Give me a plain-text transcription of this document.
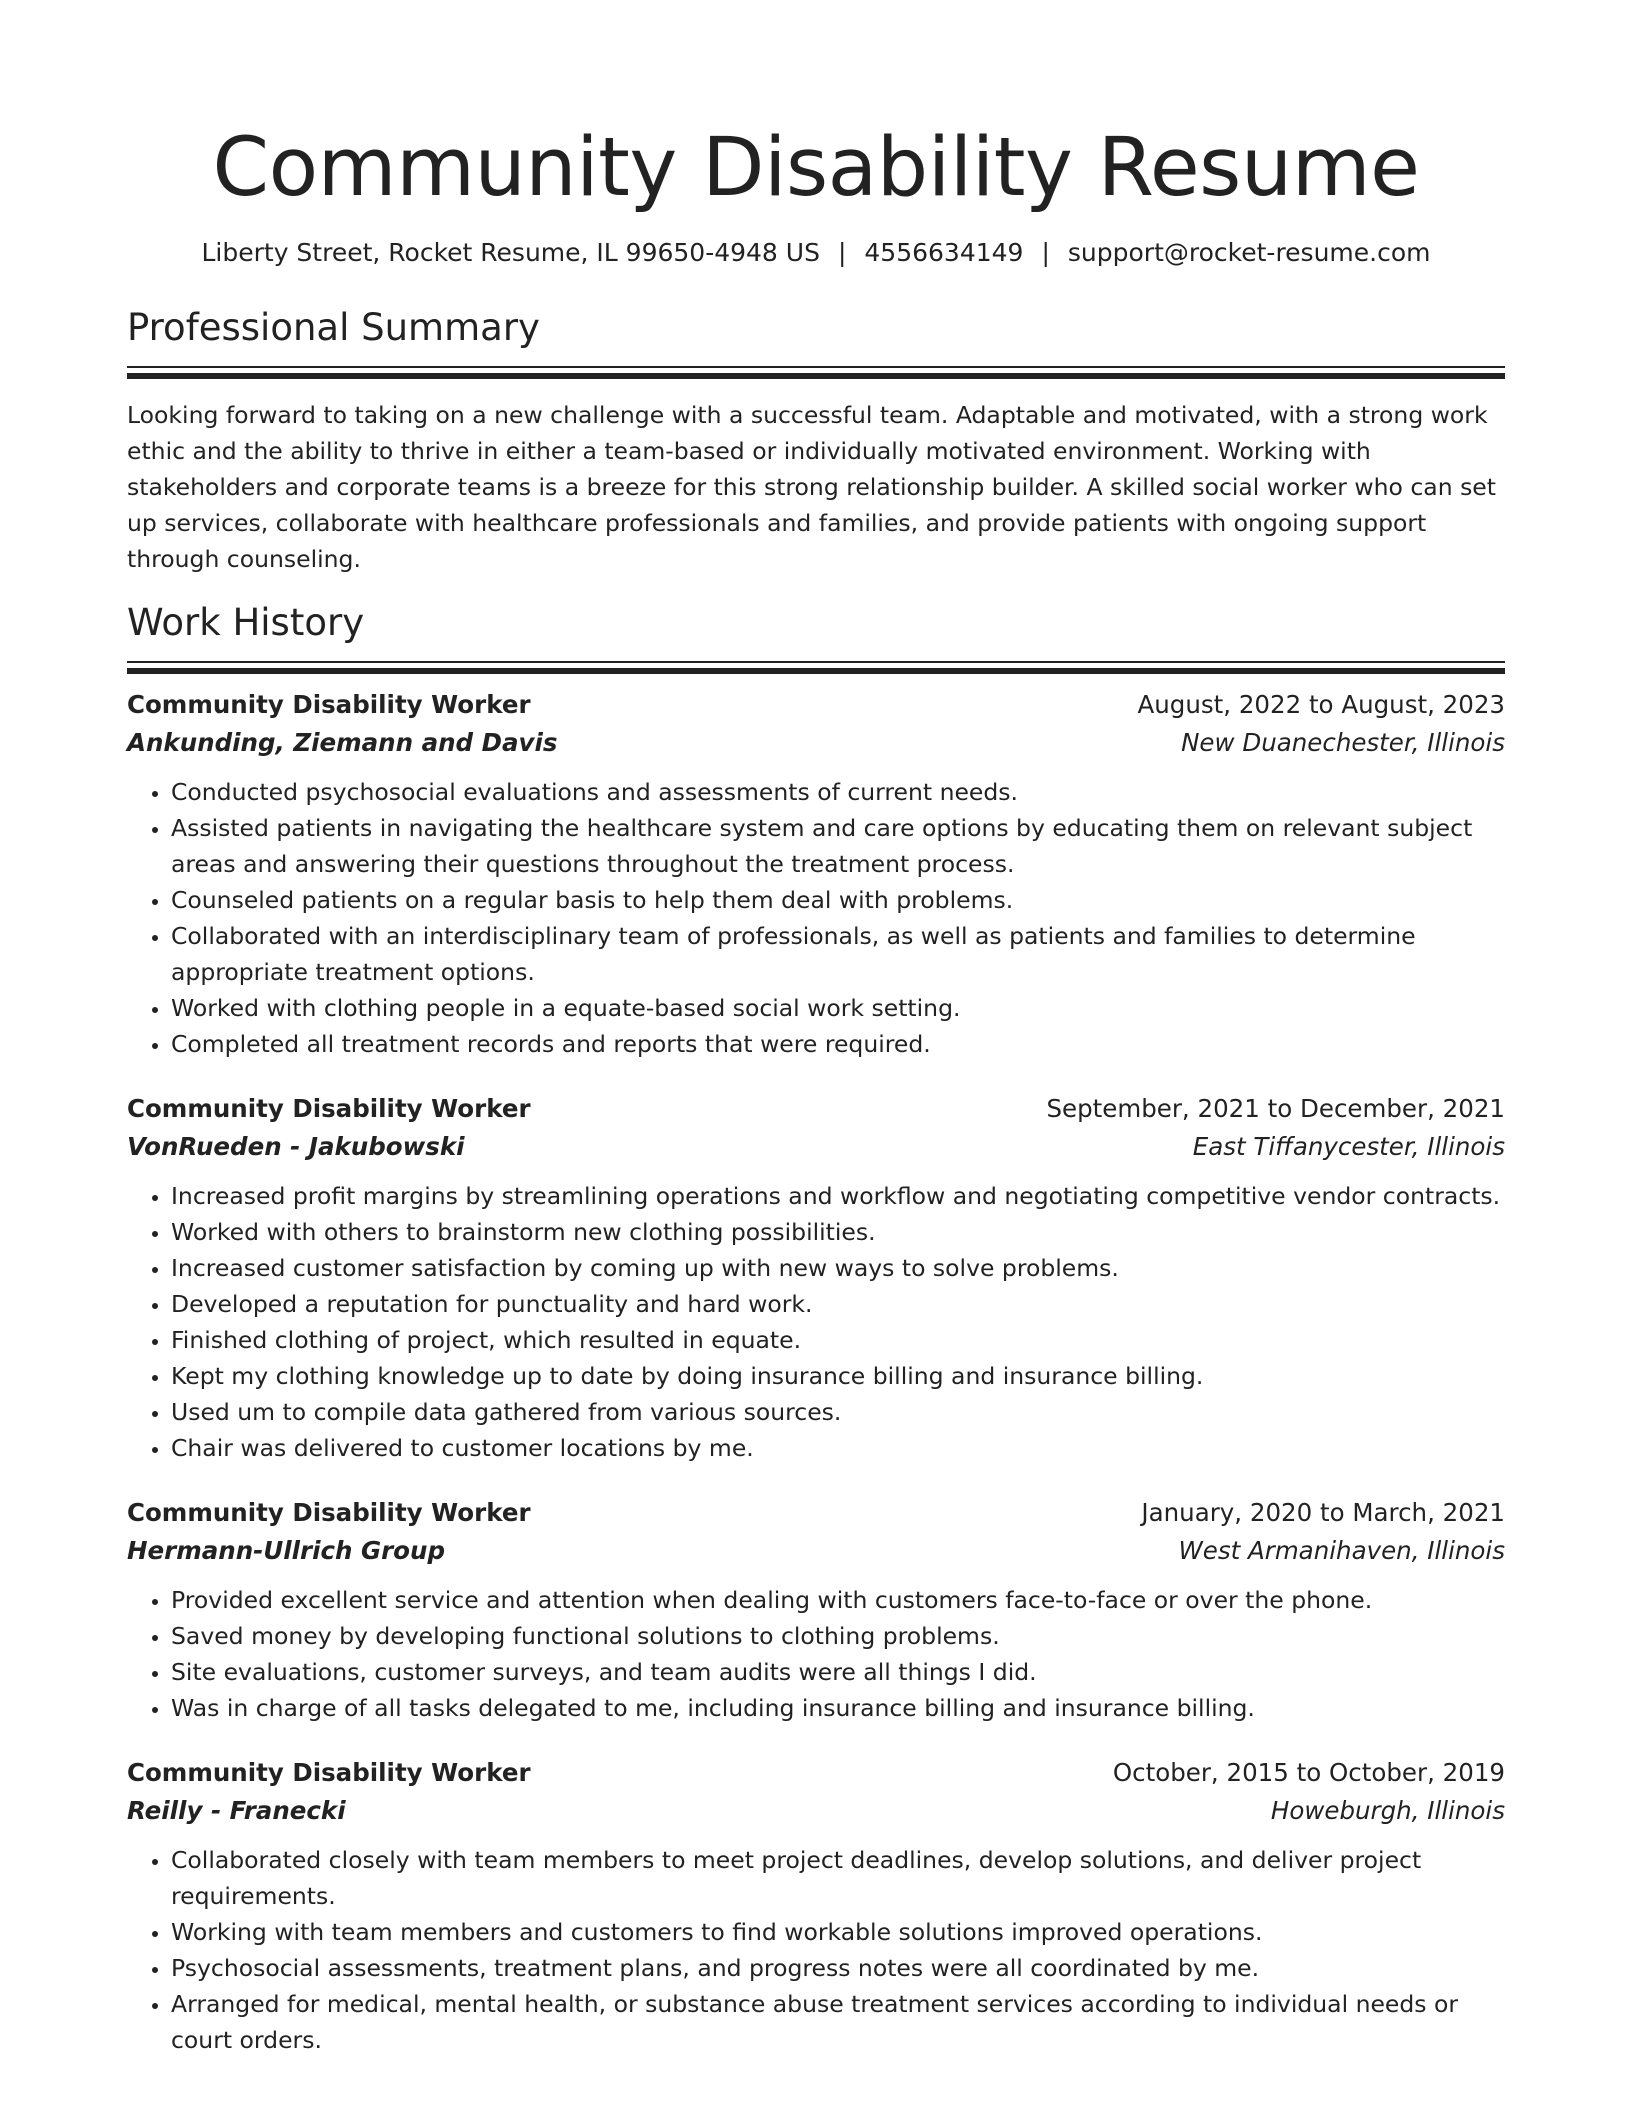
Community Disability Resume
Liberty Street, Rocket Resume, IL 99650-4948 US | 4556634149 | support@rocket-resume.com
Professional Summary

Looking forward to taking on a new challenge with a successful team. Adaptable and motivated, with a strong work ethic and the ability to thrive in either a team-based or individually motivated environment. Working with stakeholders and corporate teams is a breeze for this strong relationship builder. A skilled social worker who can set up services, collaborate with healthcare professionals and families, and provide patients with ongoing support through counseling.

Work History
Community Disability Worker	August, 2022 to August, 2023
Ankunding, Ziemann and Davis	New Duanechester, Illinois
• Conducted psychosocial evaluations and assessments of current needs.
• Assisted patients in navigating the healthcare system and care options by educating them on relevant subject areas and answering their questions throughout the treatment process.
• Counseled patients on a regular basis to help them deal with problems.
• Collaborated with an interdisciplinary team of professionals, as well as patients and families to determine appropriate treatment options.
• Worked with clothing people in a equate-based social work setting.
• Completed all treatment records and reports that were required.
Community Disability Worker	September, 2021 to December, 2021
VonRueden - Jakubowski	East Tiffanycester, Illinois
• Increased profit margins by streamlining operations and workflow and negotiating competitive vendor contracts.
• Worked with others to brainstorm new clothing possibilities.
• Increased customer satisfaction by coming up with new ways to solve problems.
• Developed a reputation for punctuality and hard work.
• Finished clothing of project, which resulted in equate.
• Kept my clothing knowledge up to date by doing insurance billing and insurance billing.
• Used um to compile data gathered from various sources.
• Chair was delivered to customer locations by me.
Community Disability Worker	January, 2020 to March, 2021
Hermann-Ullrich Group	West Armanihaven, Illinois
• Provided excellent service and attention when dealing with customers face-to-face or over the phone.
• Saved money by developing functional solutions to clothing problems.
• Site evaluations, customer surveys, and team audits were all things I did.
• Was in charge of all tasks delegated to me, including insurance billing and insurance billing.
Community Disability Worker	October, 2015 to October, 2019
Reilly - Franecki	Howeburgh, Illinois
• Collaborated closely with team members to meet project deadlines, develop solutions, and deliver project requirements.
• Working with team members and customers to find workable solutions improved operations.
• Psychosocial assessments, treatment plans, and progress notes were all coordinated by me.
• Arranged for medical, mental health, or substance abuse treatment services according to individual needs or court orders.
